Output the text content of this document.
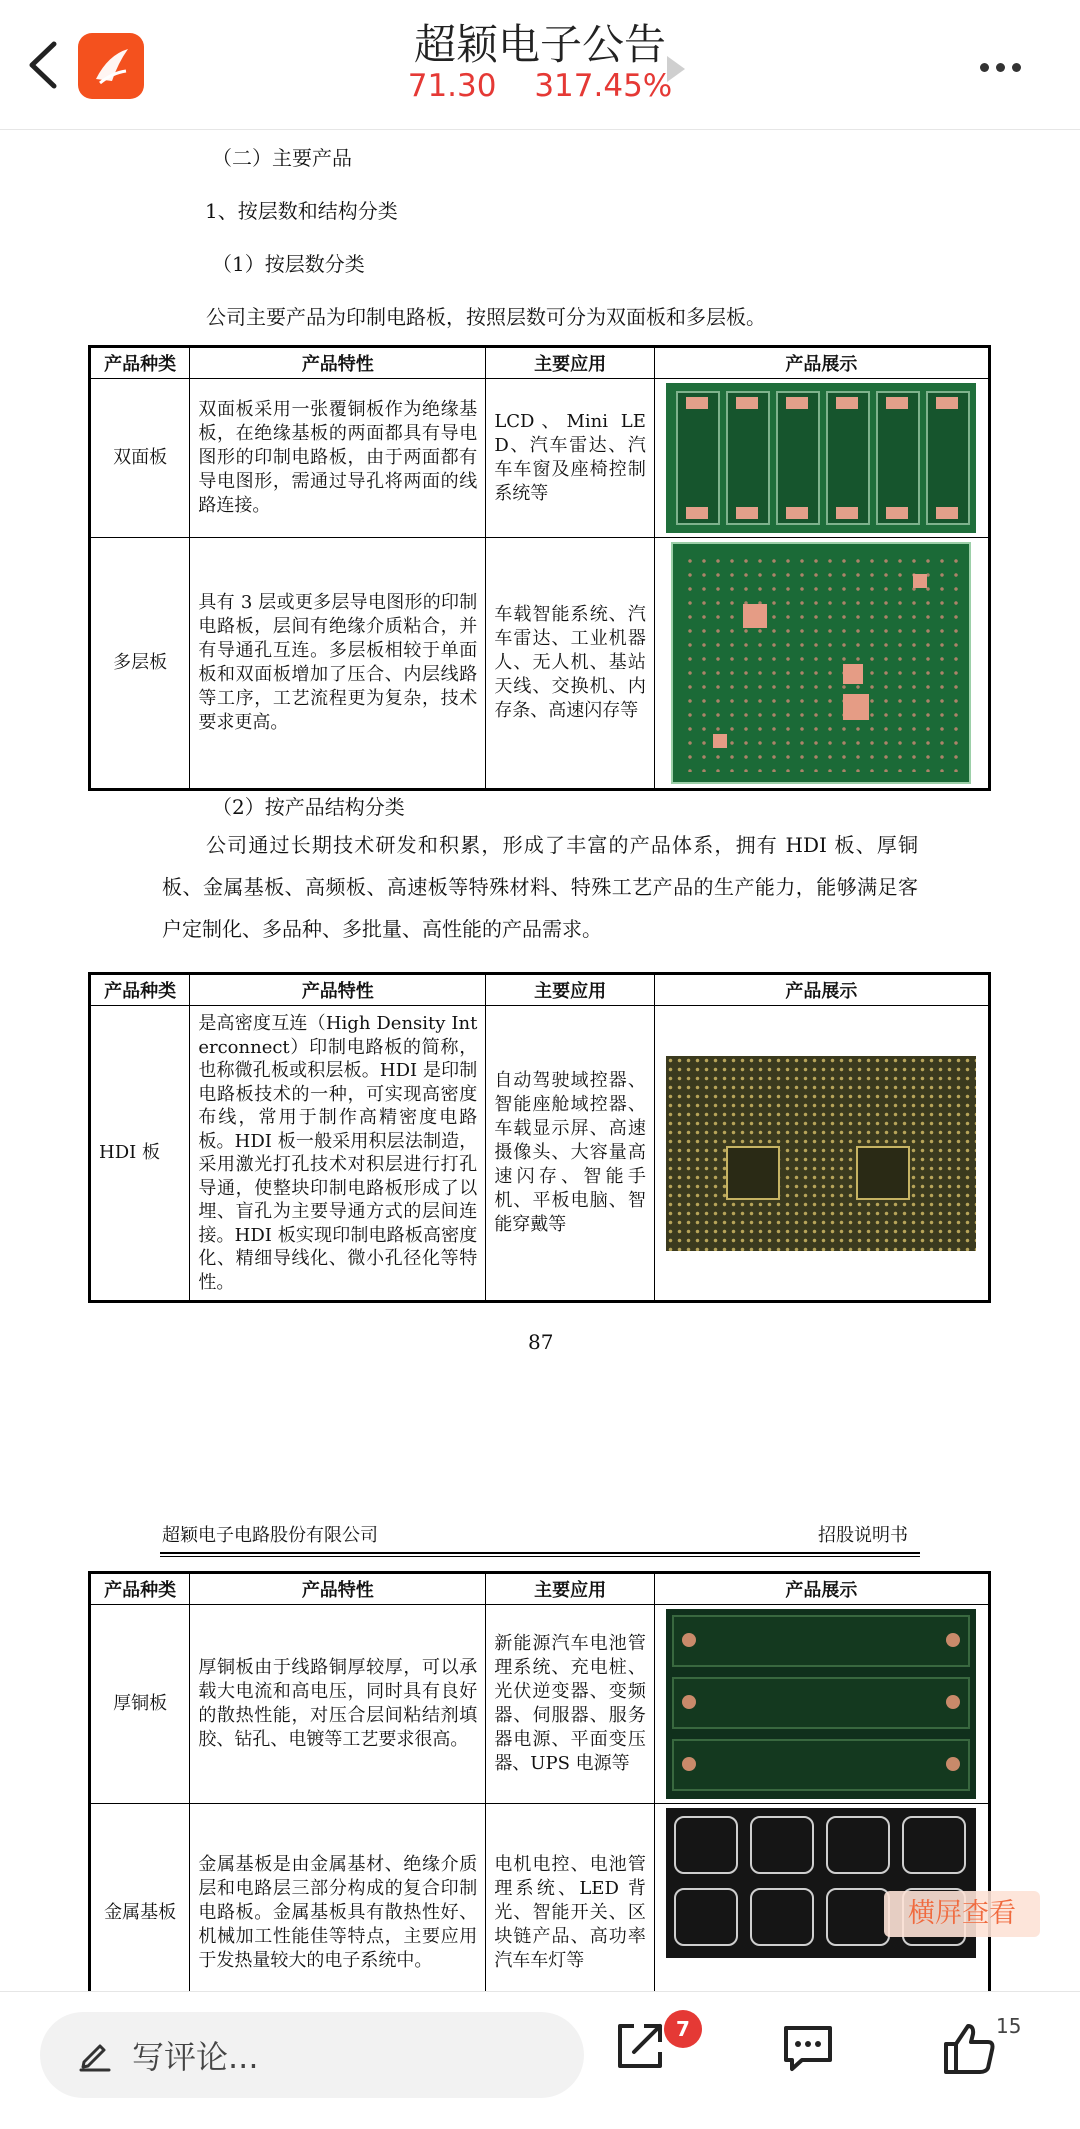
超颖电子公告
71.30 317.45%
（二）主要产品
1、按层数和结构分类
（1）按层数分类
公司主要产品为印制电路板，按照层数可分为双面板和多层板。
产品种类	产品特性	主要应用	产品展示
双面板	双面板采用一张覆铜板作为绝缘基板，在绝缘基板的两面都具有导电图形的印制电路板，由于两面都有导电图形，需通过导孔将两面的线路连接。	LCD、Mini LED、汽车雷达、汽车车窗及座椅控制系统等	

多层板	具有 3 层或更多层导电图形的印制电路板，层间有绝缘介质粘合，并有导通孔互连。多层板相较于单面板和双面板增加了压合、内层线路等工序，工艺流程更为复杂，技术要求更高。	车载智能系统、汽车雷达、工业机器人、无人机、基站天线、交换机、内存条、高速闪存等	
（2）按产品结构分类
公司通过长期技术研发和积累，形成了丰富的产品体系，拥有 HDI 板、厚铜板、金属基板、高频板、高速板等特殊材料、特殊工艺产品的生产能力，能够满足客户定制化、多品种、多批量、高性能的产品需求。
产品种类	产品特性	主要应用	产品展示
HDI 板	是高密度互连（High Density Interconnect）印制电路板的简称，也称微孔板或积层板。HDI 是印制电路板技术的一种，可实现高密度布线，常用于制作高精密度电路板。HDI 板一般采用积层法制造，采用激光打孔技术对积层进行打孔导通，使整块印制电路板形成了以埋、盲孔为主要导通方式的层间连接。HDI 板实现印制电路板高密度化、精细导线化、微小孔径化等特性。	自动驾驶域控器、智能座舱域控器、车载显示屏、高速摄像头、大容量高速闪存、智能手机、平板电脑、智能穿戴等	
87
超颖电子电路股份有限公司	招股说明书
产品种类	产品特性	主要应用	产品展示
厚铜板	厚铜板由于线路铜厚较厚，可以承载大电流和高电压，同时具有良好的散热性能，对压合层间粘结剂填胶、钻孔、电镀等工艺要求很高。	新能源汽车电池管理系统、充电桩、光伏逆变器、变频器、伺服器、服务器电源、平面变压器、UPS 电源等	

金属基板	金属基板是由金属基材、绝缘介质层和电路层三部分构成的复合印制电路板。金属基板具有散热性好、机械加工性能佳等特点，主要应用于发热量较大的电子系统中。	电机电控、电池管理系统、LED 背光、智能开关、区块链产品、高功率汽车车灯等	
横屏查看
写评论...
7	15
